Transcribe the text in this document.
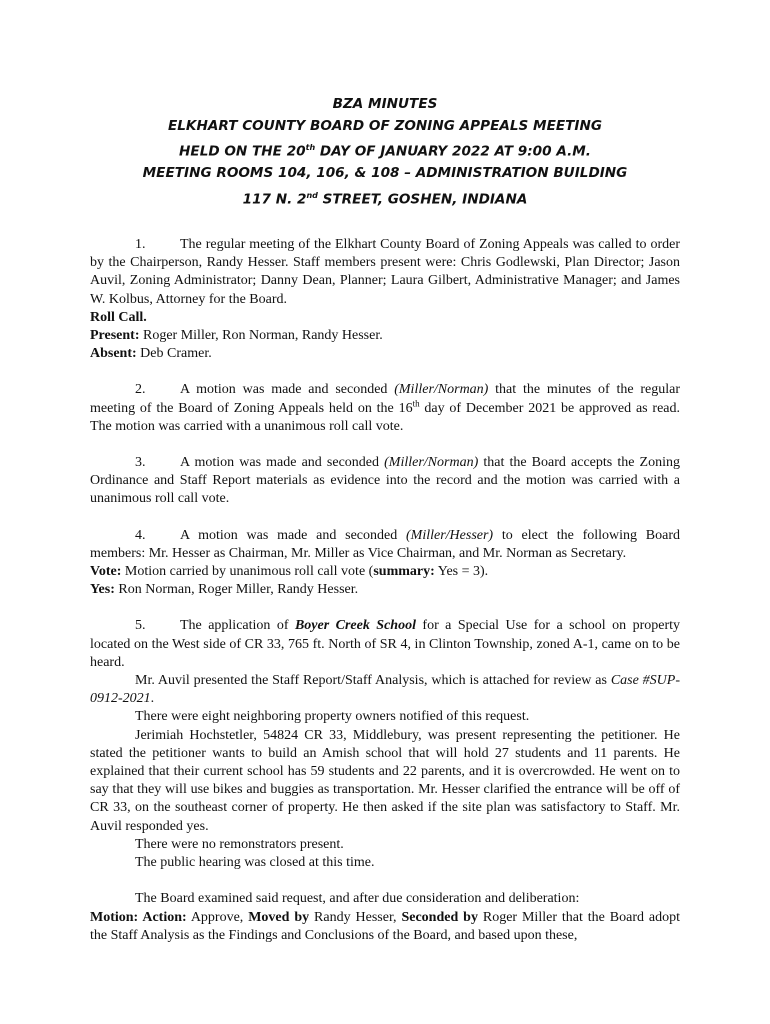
BZA MINUTES
ELKHART COUNTY BOARD OF ZONING APPEALS MEETING
HELD ON THE 20th DAY OF JANUARY 2022 AT 9:00 A.M.
MEETING ROOMS 104, 106, & 108 – ADMINISTRATION BUILDING
117 N. 2nd STREET, GOSHEN, INDIANA

1. The regular meeting of the Elkhart County Board of Zoning Appeals was called to order by the Chairperson, Randy Hesser. Staff members present were: Chris Godlewski, Plan Director; Jason Auvil, Zoning Administrator; Danny Dean, Planner; Laura Gilbert, Administrative Manager; and James W. Kolbus, Attorney for the Board.

Roll Call.

Present: Roger Miller, Ron Norman, Randy Hesser.

Absent: Deb Cramer.

2. A motion was made and seconded (Miller/Norman) that the minutes of the regular meeting of the Board of Zoning Appeals held on the 16th day of December 2021 be approved as read. The motion was carried with a unanimous roll call vote.

3. A motion was made and seconded (Miller/Norman) that the Board accepts the Zoning Ordinance and Staff Report materials as evidence into the record and the motion was carried with a unanimous roll call vote.

4. A motion was made and seconded (Miller/Hesser) to elect the following Board members: Mr. Hesser as Chairman, Mr. Miller as Vice Chairman, and Mr. Norman as Secretary.

Vote: Motion carried by unanimous roll call vote (summary: Yes = 3).

Yes: Ron Norman, Roger Miller, Randy Hesser.

5. The application of Boyer Creek School for a Special Use for a school on property located on the West side of CR 33, 765 ft. North of SR 4, in Clinton Township, zoned A-1, came on to be heard.

Mr. Auvil presented the Staff Report/Staff Analysis, which is attached for review as Case #SUP-0912-2021.

There were eight neighboring property owners notified of this request.

Jerimiah Hochstetler, 54824 CR 33, Middlebury, was present representing the petitioner. He stated the petitioner wants to build an Amish school that will hold 27 students and 11 parents. He explained that their current school has 59 students and 22 parents, and it is overcrowded. He went on to say that they will use bikes and buggies as transportation. Mr. Hesser clarified the entrance will be off of CR 33, on the southeast corner of property. He then asked if the site plan was satisfactory to Staff. Mr. Auvil responded yes.

There were no remonstrators present.

The public hearing was closed at this time.

The Board examined said request, and after due consideration and deliberation:

Motion: Action: Approve, Moved by Randy Hesser, Seconded by Roger Miller that the Board adopt the Staff Analysis as the Findings and Conclusions of the Board, and based upon these,
